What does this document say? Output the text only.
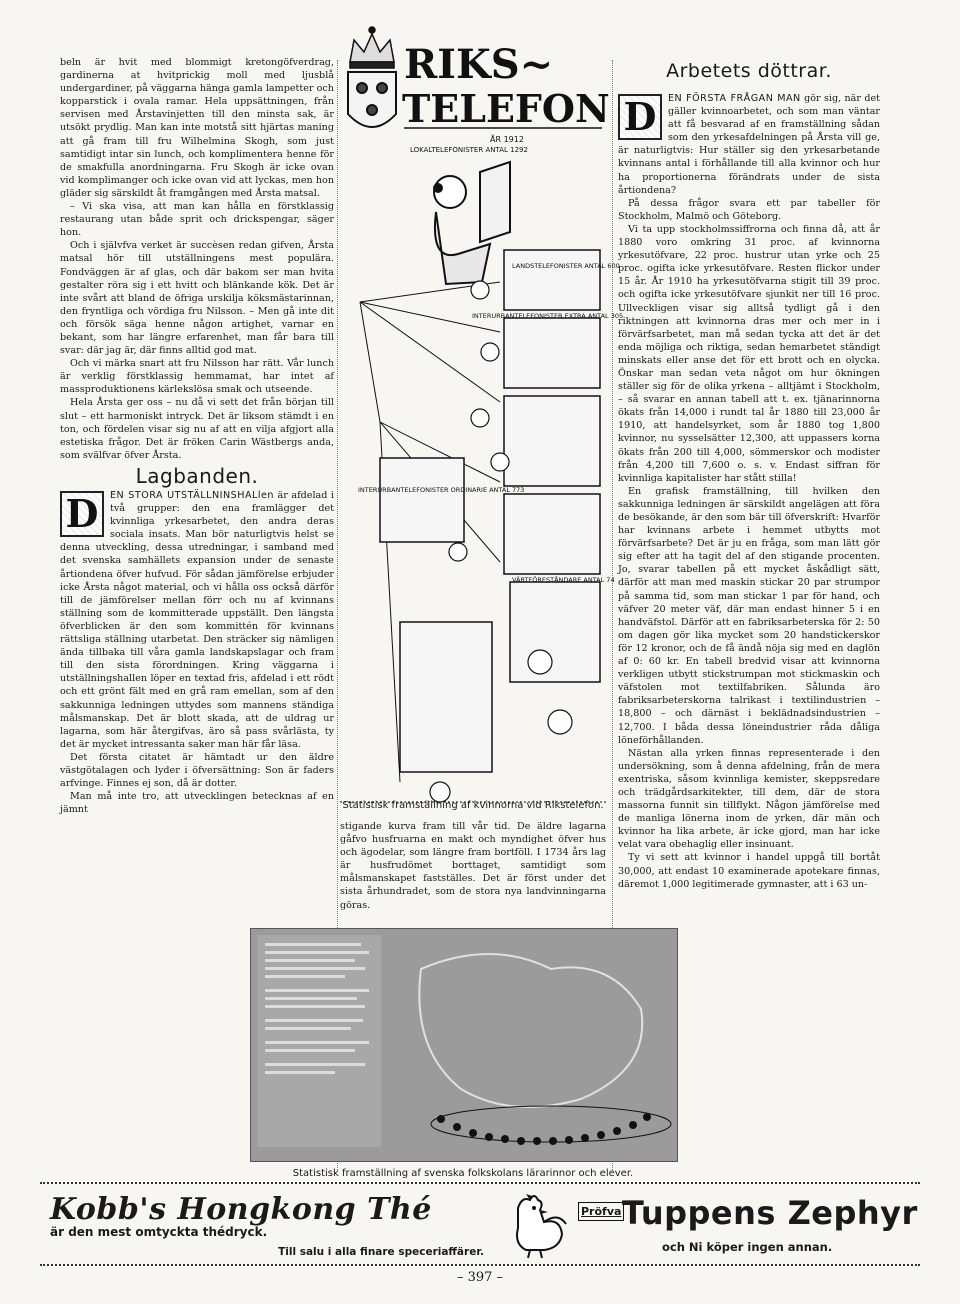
beln är hvit med blommigt kretongöfverdrag, gardinerna at hvitprickig moll med ljusblå undergardiner, på väggarna hänga gamla lampetter och kopparstick i ovala ramar. Hela uppsättningen, från servisen med Årstavinjetten till den minsta sak, är utsökt prydlig. Man kan inte motstå sitt hjärtas maning att gå fram till fru Wilhelmina Skogh, som just samtidigt intar sin lunch, och komplimentera henne för de smakfulla anordningarna. Fru Skogh är icke ovan vid komplimanger och icke ovan vid att lyckas, men hon gläder sig särskildt åt framgången med Årsta matsal.

– Vi ska visa, att man kan hålla en förstklassig restaurang utan både sprit och drickspengar, säger hon.

Och i självfva verket är succèsen redan gifven, Årsta matsal hör till utställningens mest populära. Fondväggen är af glas, och där bakom ser man hvita gestalter röra sig i ett hvitt och blänkande kök. Det är inte svårt att bland de öfriga urskilja köksmästarinnan, den fryntliga och vördiga fru Nilsson. – Men gå inte dit och försök säga henne någon artighet, varnar en bekant, som har längre erfarenhet, man får bara till svar: där jag är, där finns alltid god mat.

Och vi märka snart att fru Nilsson har rätt. Vår lunch är verklig förstklassig hemmamat, har intet af massproduktionens kärlekslösa smak och utseende.

Hela Årsta ger oss – nu då vi sett det från början till slut – ett harmoniskt intryck. Det är liksom stämdt i en ton, och fördelen visar sig nu af att en vilja afgjort alla estetiska frågor. Det är fröken Carin Wästbergs anda, som svälfvar öfver Årsta.

Lagbanden.
D	EN STORA UTSTÄLLNINSHALlen är afdelad i två grupper: den ena framlägger det kvinnliga yrkesarbetet, den andra deras sociala insats. Man bör naturligtvis helst se denna utveckling, dessa utredningar, i samband med det svenska samhällets expansion under de senaste årtiondena öfver hufvud. För sådan jämförelse erbjuder icke Årsta något material, och vi hålla oss också därför till de jämförelser mellan förr och nu af kvinnans ställning som de kommitterade uppställt. Den längsta öfverblicken är den som kommittén för kvinnans rättsliga ställning utarbetat. Den sträcker sig nämligen ända tillbaka till våra gamla landskapslagar och fram till den sista förordningen. Kring väggarna i utställningshallen löper en textad fris, afdelad i ett rödt och ett grönt fält med en grå ram emellan, som af den sakkunniga ledningen uttydes som mannens ständiga målsmanskap. Det är blott skada, att de uldrag ur lagarna, som här återgifvas, äro så pass svårlästa, ty det är mycket intressanta saker man här får läsa.

Det första citatet är hämtadt ur den äldre västgötalagen och lyder i öfversättning: Son är faders arfvinge. Finnes ej son, då är dotter.

Man må inte tro, att utvecklingen betecknas af en jämnt

RIKS~
TELEFON
ÅR 1912
LOKALTELEFONISTER ANTAL 1292
LANDSTELEFONISTER ANTAL 600
INTERURBANTELEFONISTER EXTRA ANTAL 305
INTERURBANTELEFONISTER ORDINARIE ANTAL 773
VÄRTFÖRESTÅNDARE ANTAL 74
Statistisk framställning af kvinnorna vid Rikstelefon.

stigande kurva fram till vår tid. De äldre lagarna gåfvo husfruarna en makt och myndighet öfver hus och ägodelar, som längre fram bortföll. I 1734 års lag är husfrudömet borttaget, samtidigt som målsmanskapet fastställes. Det är först under det sista århundradet, som de stora nya landvinningarna göras.

Statistisk framställning af svenska folkskolans lärarinnor och elever.
Arbetets döttrar.
D	EN FÖRSTA FRÅGAN MAN gör sig, när det gäller kvinnoarbetet, och som man väntar att få besvarad af en framställning sådan som den yrkesafdelningen på Årsta vill ge, är naturligtvis: Hur ställer sig den yrkesarbetande kvinnans antal i förhållande till alla kvinnor och hur ha proportionerna förändrats under de sista årtiondena?

På dessa frågor svara ett par tabeller för Stockholm, Malmö och Göteborg.

Vi ta upp stockholmssiffrorna och finna då, att år 1880 voro omkring 31 proc. af kvinnorna yrkesutöfvare, 22 proc. hustrur utan yrke och 25 proc. ogifta icke yrkesutöfvare. Resten flickor under 15 år. År 1910 ha yrkesutöfvarna stigit till 39 proc. och ogifta icke yrkesutöfvare sjunkit ner till 16 proc. Ullveckligen visar sig alltså tydligt gå i den riktningen att kvinnorna dras mer och mer in i förvärfsarbetet, man må sedan tycka att det är det enda möjliga och riktiga, sedan hemarbetet ständigt minskats eller anse det för ett brott och en olycka. Önskar man sedan veta något om hur ökningen ställer sig för de olika yrkena – alltjämt i Stockholm, – så svarar en annan tabell att t. ex. tjänarinnorna ökats från 14,000 i rundt tal år 1880 till 23,000 år 1910, att handelsyrket, som år 1880 tog 1,800 kvinnor, nu sysselsätter 12,300, att uppassers korna ökats från 200 till 4,000, sömmerskor och modister från 4,200 till 7,600 o. s. v. Endast siffran för kvinnliga kapitalister har stått stilla!

En grafisk framställning, till hvilken den sakkunniga ledningen är särskildt angelägen att föra de besökande, är den som bär till öfverskrift: Hvarför har kvinnans arbete i hemmet utbytts mot förvärfsarbete? Det är ju en fråga, som man lätt gör sig efter att ha tagit del af den stigande procenten. Jo, svarar tabellen på ett mycket åskådligt sätt, därför att man med maskin stickar 20 par strumpor på samma tid, som man stickar 1 par för hand, och väfver 20 meter väf, där man endast hinner 5 i en handväfstol. Därför att en fabriksarbeterska för 2: 50 om dagen gör lika mycket som 20 handstickerskor för 12 kronor, och de få ändå nöja sig med en daglön af 0: 60 kr. En tabell bredvid visar att kvinnorna verkligen utbytt stickstrumpan mot stickmaskin och väfstolen mot textilfabriken. Sålunda äro fabriksarbeterskorna talrikast i textilindustrien – 18,800 – och därnäst i beklädnadsindustrien – 12,700. I båda dessa löneindustrier råda dåliga löneförhållanden.

Nästan alla yrken finnas representerade i den undersökning, som å denna afdelning, från de mera exentriska, såsom kvinnliga kemister, skeppsredare och trädgårdsarkitekter, till dem, där de stora massorna funnit sin tillflykt. Någon jämförelse med de manliga lönerna inom de yrken, där män och kvinnor ha lika arbete, är icke gjord, man har icke velat vara obehaglig eller insinuant.

Ty vi sett att kvinnor i handel uppgå till bortåt 30,000, att endast 10 examinerade apotekare finnas, däremot 1,000 legitimerade gymnaster, att i 63 un-

Kobb's Hongkong Thé
är den mest omtyckta thédryck.
Till salu i alla finare speceriaffärer.
Pröfva Tuppens Zephyr
och Ni köper ingen annan.
– 397 –
